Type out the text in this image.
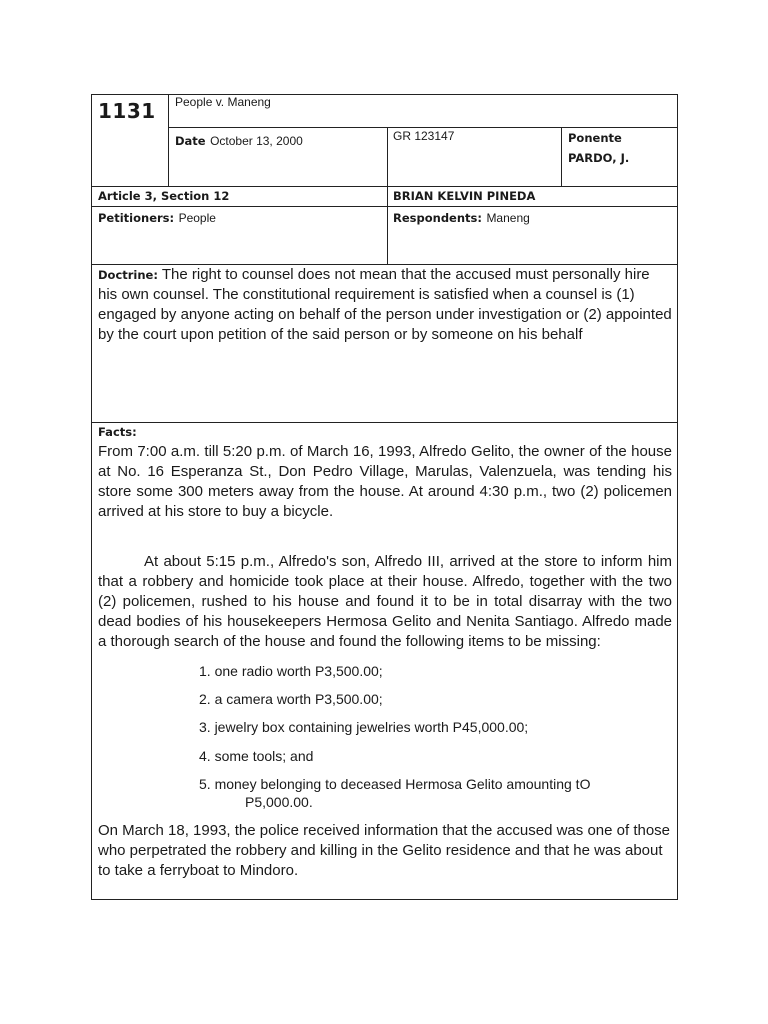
1131 People v. Maneng
Date October 13, 2000	GR 123147	Ponente
PARDO, J.
Article 3, Section 12	BRIAN KELVIN PINEDA
Petitioners: People	Respondents: Maneng
Doctrine: The right to counsel does not mean that the accused must personally hire his own counsel. The constitutional requirement is satisfied when a counsel is (1) engaged by anyone acting on behalf of the person under investigation or (2) appointed by the court upon petition of the said person or by someone on his behalf
Facts:
From 7:00 a.m. till 5:20 p.m. of March 16, 1993, Alfredo Gelito, the owner of the house at No. 16 Esperanza St., Don Pedro Village, Marulas, Valenzuela, was tending his store some 300 meters away from the house. At around 4:30 p.m., two (2) policemen arrived at his store to buy a bicycle.
At about 5:15 p.m., Alfredo's son, Alfredo III, arrived at the store to inform him that a robbery and homicide took place at their house. Alfredo, together with the two (2) policemen, rushed to his house and found it to be in total disarray with the two dead bodies of his housekeepers Hermosa Gelito and Nenita Santiago. Alfredo made a thorough search of the house and found the following items to be missing:
1. one radio worth P3,500.00;
2. a camera worth P3,500.00;
3. jewelry box containing jewelries worth P45,000.00;
4. some tools; and
5. money belonging to deceased Hermosa Gelito amounting tO
P5,000.00.
On March 18, 1993, the police received information that the accused was one of those who perpetrated the robbery and killing in the Gelito residence and that he was about to take a ferryboat to Mindoro.
